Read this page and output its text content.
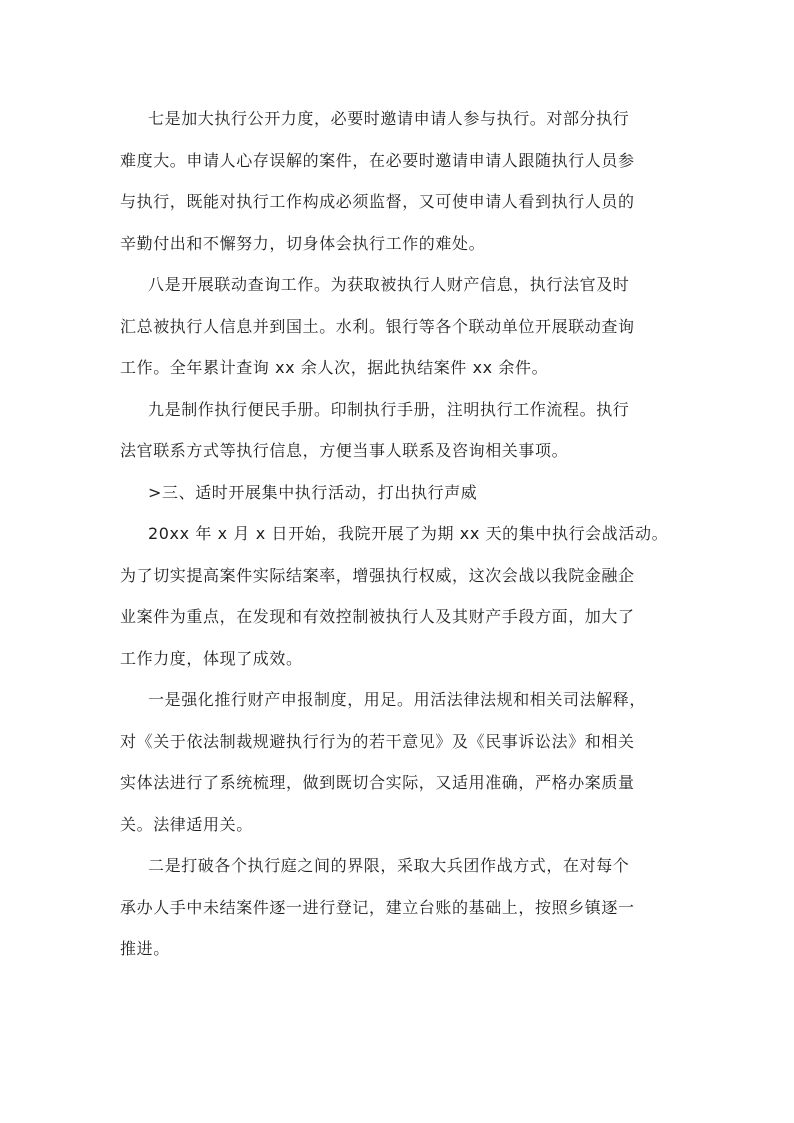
七是加大执行公开力度，必要时邀请申请人参与执行。对部分执行
难度大。申请人心存误解的案件，在必要时邀请申请人跟随执行人员参
与执行，既能对执行工作构成必须监督，又可使申请人看到执行人员的
辛勤付出和不懈努力，切身体会执行工作的难处。
八是开展联动查询工作。为获取被执行人财产信息，执行法官及时
汇总被执行人信息并到国土。水利。银行等各个联动单位开展联动查询
工作。全年累计查询 xx 余人次，据此执结案件 xx 余件。
九是制作执行便民手册。印制执行手册，注明执行工作流程。执行
法官联系方式等执行信息，方便当事人联系及咨询相关事项。
>三、适时开展集中执行活动，打出执行声威
20xx 年 x 月 x 日开始，我院开展了为期 xx 天的集中执行会战活动。
为了切实提高案件实际结案率，增强执行权威，这次会战以我院金融企
业案件为重点，在发现和有效控制被执行人及其财产手段方面，加大了
工作力度，体现了成效。
一是强化推行财产申报制度，用足。用活法律法规和相关司法解释，
对《关于依法制裁规避执行行为的若干意见》及《民事诉讼法》和相关
实体法进行了系统梳理，做到既切合实际，又适用准确，严格办案质量
关。法律适用关。
二是打破各个执行庭之间的界限，采取大兵团作战方式，在对每个
承办人手中未结案件逐一进行登记，建立台账的基础上，按照乡镇逐一
推进。
